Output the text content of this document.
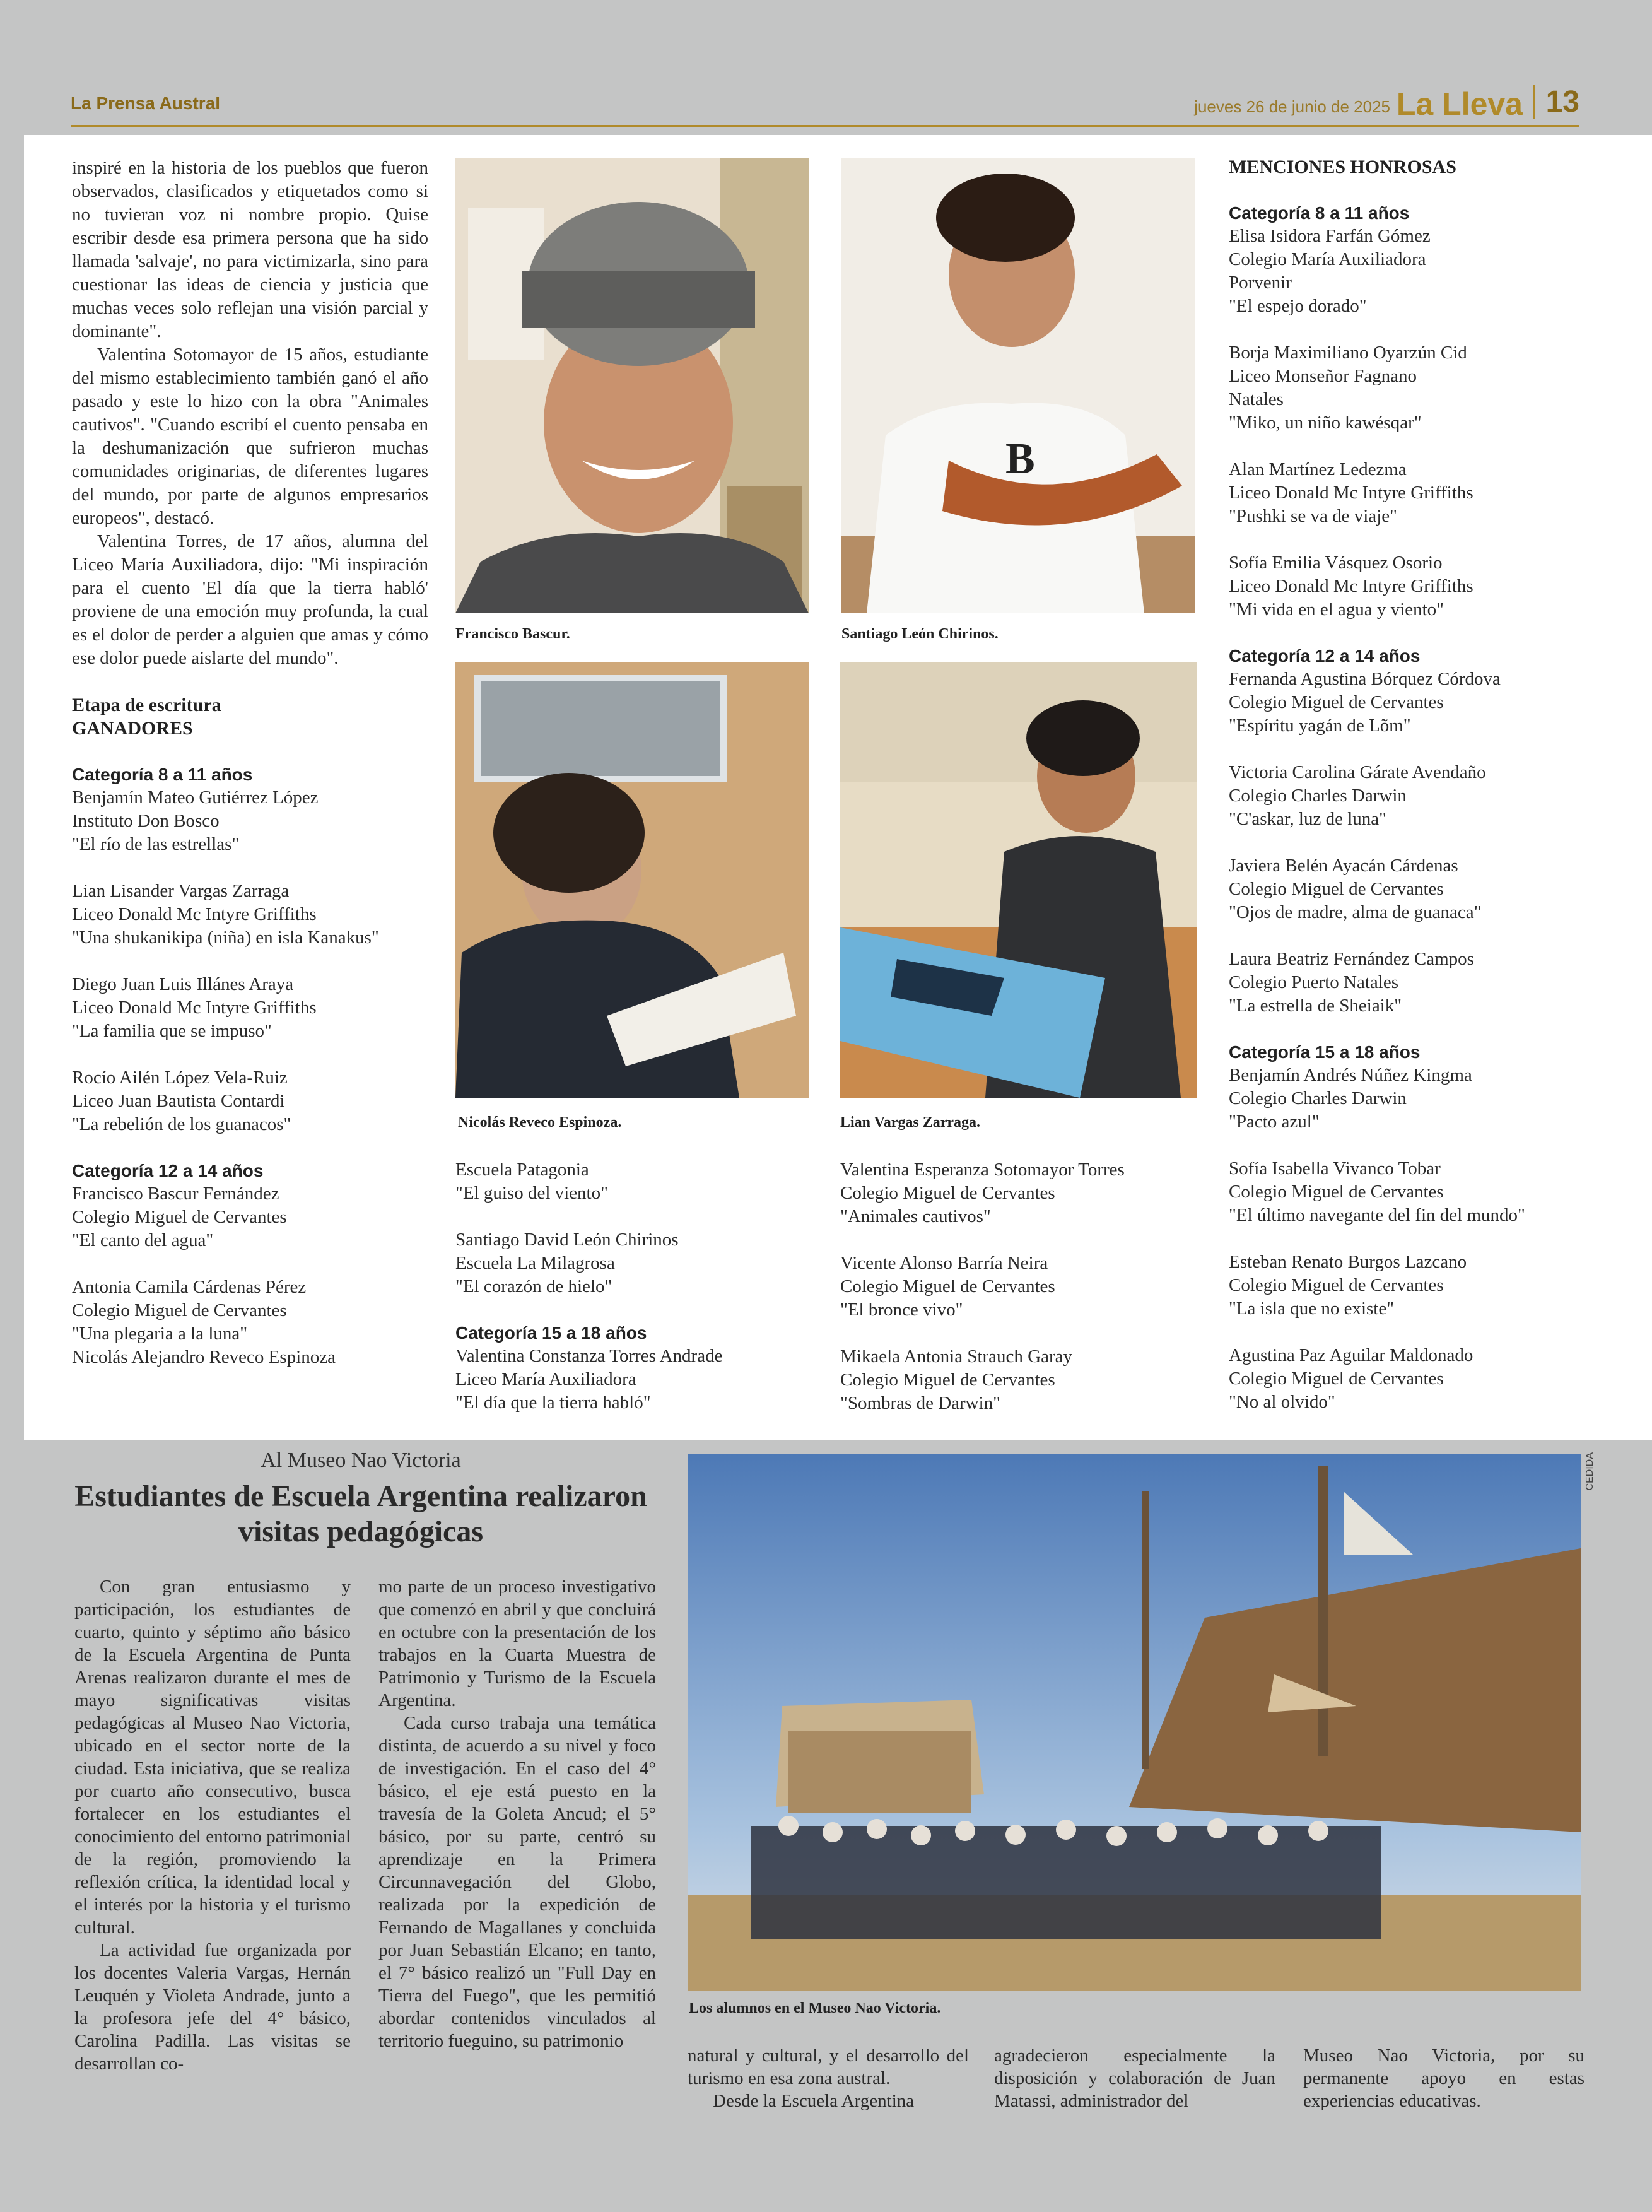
La Prensa Austral	jueves 26 de junio de 2025 La Lleva 13

inspiré en la historia de los pueblos que fueron observados, clasificados y etiquetados como si no tuvieran voz ni nombre propio. Quise escribir desde esa primera persona que ha sido llamada 'salvaje', no para victimizarla, sino para cuestionar las ideas de ciencia y justicia que muchas veces solo reflejan una visión parcial y dominante".

Valentina Sotomayor de 15 años, estudiante del mismo establecimiento también ganó el año pasado y este lo hizo con la obra "Animales cautivos". "Cuando escribí el cuento pensaba en la deshumanización que sufrieron muchas comunidades originarias, de diferentes lugares del mundo, por parte de algunos empresarios europeos", destacó.

Valentina Torres, de 17 años, alumna del Liceo María Auxiliadora, dijo: "Mi inspiración para el cuento 'El día que la tierra habló' proviene de una emoción muy profunda, la cual es el dolor de perder a alguien que amas y cómo ese dolor puede aislarte del mundo".

Etapa de escritura
GANADORES
Categoría 8 a 11 años
Benjamín Mateo Gutiérrez López
Instituto Don Bosco
"El río de las estrellas"
Lian Lisander Vargas Zarraga
Liceo Donald Mc Intyre Griffiths
"Una shukanikipa (niña) en isla Kanakus"
Diego Juan Luis Illánes Araya
Liceo Donald Mc Intyre Griffiths
"La familia que se impuso"
Rocío Ailén López Vela-Ruiz
Liceo Juan Bautista Contardi
"La rebelión de los guanacos"
Categoría 12 a 14 años
Francisco Bascur Fernández
Colegio Miguel de Cervantes
"El canto del agua"
Antonia Camila Cárdenas Pérez
Colegio Miguel de Cervantes
"Una plegaria a la luna"
Nicolás Alejandro Reveco Espinoza
Francisco Bascur.
B
Santiago León Chirinos.
Nicolás Reveco Espinoza.	Lian Vargas Zarraga.
Escuela Patagonia
"El guiso del viento"
Santiago David León Chirinos
Escuela La Milagrosa
"El corazón de hielo"
Categoría 15 a 18 años
Valentina Constanza Torres Andrade
Liceo María Auxiliadora
"El día que la tierra habló"
Valentina Esperanza Sotomayor Torres
Colegio Miguel de Cervantes
"Animales cautivos"
Vicente Alonso Barría Neira
Colegio Miguel de Cervantes
"El bronce vivo"
Mikaela Antonia Strauch Garay
Colegio Miguel de Cervantes
"Sombras de Darwin"
MENCIONES HONROSAS
Categoría 8 a 11 años
Elisa Isidora Farfán Gómez
Colegio María Auxiliadora
Porvenir
"El espejo dorado"
Borja Maximiliano Oyarzún Cid
Liceo Monseñor Fagnano
Natales
"Miko, un niño kawésqar"
Alan Martínez Ledezma
Liceo Donald Mc Intyre Griffiths
"Pushki se va de viaje"
Sofía Emilia Vásquez Osorio
Liceo Donald Mc Intyre Griffiths
"Mi vida en el agua y viento"
Categoría 12 a 14 años
Fernanda Agustina Bórquez Córdova
Colegio Miguel de Cervantes
"Espíritu yagán de Lõm"
Victoria Carolina Gárate Avendaño
Colegio Charles Darwin
"C'askar, luz de luna"
Javiera Belén Ayacán Cárdenas
Colegio Miguel de Cervantes
"Ojos de madre, alma de guanaca"
Laura Beatriz Fernández Campos
Colegio Puerto Natales
"La estrella de Sheiaik"
Categoría 15 a 18 años
Benjamín Andrés Núñez Kingma
Colegio Charles Darwin
"Pacto azul"
Sofía Isabella Vivanco Tobar
Colegio Miguel de Cervantes
"El último navegante del fin del mundo"
Esteban Renato Burgos Lazcano
Colegio Miguel de Cervantes
"La isla que no existe"
Agustina Paz Aguilar Maldonado
Colegio Miguel de Cervantes
"No al olvido"
Al Museo Nao Victoria
Estudiantes de Escuela Argentina realizaron visitas pedagógicas

Con gran entusiasmo y participación, los estudiantes de cuarto, quinto y séptimo año básico de la Escuela Argentina de Punta Arenas realizaron durante el mes de mayo significativas visitas pedagógicas al Museo Nao Victoria, ubicado en el sector norte de la ciudad. Esta iniciativa, que se realiza por cuarto año consecutivo, busca fortalecer en los estudiantes el conocimiento del entorno patrimonial de la región, promoviendo la reflexión crítica, la identidad local y el interés por la historia y el turismo cultural.

La actividad fue organizada por los docentes Valeria Vargas, Hernán Leuquén y Violeta Andrade, junto a la profesora jefe del 4° básico, Carolina Padilla. Las visitas se desarrollan co-

mo parte de un proceso investigativo que comenzó en abril y que concluirá en octubre con la presentación de los trabajos en la Cuarta Muestra de Patrimonio y Turismo de la Escuela Argentina.

Cada curso trabaja una temática distinta, de acuerdo a su nivel y foco de investigación. En el caso del 4° básico, el eje está puesto en la travesía de la Goleta Ancud; el 5° básico, por su parte, centró su aprendizaje en la Primera Circunnavegación del Globo, realizada por la expedición de Fernando de Magallanes y concluida por Juan Sebastián Elcano; en tanto, el 7° básico realizó un "Full Day en Tierra del Fuego", que les permitió abordar contenidos vinculados al territorio fueguino, su patrimonio

CEDIDA
Los alumnos en el Museo Nao Victoria.

natural y cultural, y el desarrollo del turismo en esa zona austral.

Desde la Escuela Argentina

agradecieron especialmente la disposición y colaboración de Juan Matassi, administrador del

Museo Nao Victoria, por su permanente apoyo en estas experiencias educativas.
